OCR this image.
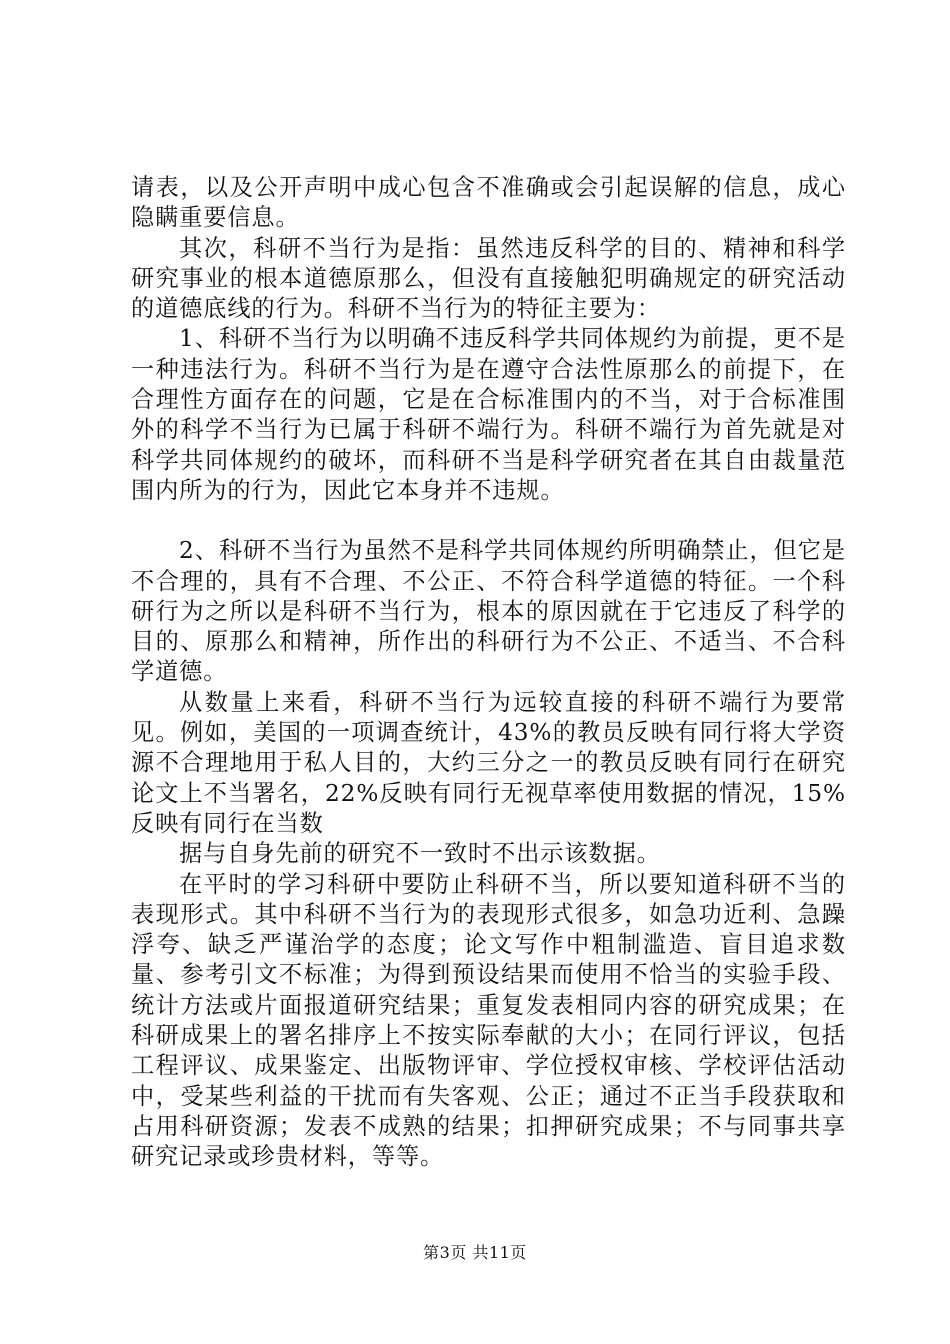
请表，以及公开声明中成心包含不准确或会引起误解的信息，成心隐瞒重要信息。

其次，科研不当行为是指：虽然违反科学的目的、精神和科学研究事业的根本道德原那么，但没有直接触犯明确规定的研究活动的道德底线的行为。科研不当行为的特征主要为：

1、科研不当行为以明确不违反科学共同体规约为前提，更不是一种违法行为。科研不当行为是在遵守合法性原那么的前提下，在合理性方面存在的问题，它是在合标准围内的不当，对于合标准围外的科学不当行为已属于科研不端行为。科研不端行为首先就是对科学共同体规约的破坏，而科研不当是科学研究者在其自由裁量范围内所为的行为，因此它本身并不违规。

2、科研不当行为虽然不是科学共同体规约所明确禁止，但它是不合理的，具有不合理、不公正、不符合科学道德的特征。一个科研行为之所以是科研不当行为，根本的原因就在于它违反了科学的目的、原那么和精神，所作出的科研行为不公正、不适当、不合科学道德。

从数量上来看，科研不当行为远较直接的科研不端行为要常见。例如，美国的一项调查统计，43%的教员反映有同行将大学资源不合理地用于私人目的，大约三分之一的教员反映有同行在研究论文上不当署名，22%反映有同行无视草率使用数据的情况，15%反映有同行在当数

据与自身先前的研究不一致时不出示该数据。

在平时的学习科研中要防止科研不当，所以要知道科研不当的表现形式。其中科研不当行为的表现形式很多，如急功近利、急躁浮夸、缺乏严谨治学的态度；论文写作中粗制滥造、盲目追求数量、参考引文不标准；为得到预设结果而使用不恰当的实验手段、统计方法或片面报道研究结果；重复发表相同内容的研究成果；在科研成果上的署名排序上不按实际奉献的大小；在同行评议，包括工程评议、成果鉴定、出版物评审、学位授权审核、学校评估活动中，受某些利益的干扰而有失客观、公正；通过不正当手段获取和占用科研资源；发表不成熟的结果；扣押研究成果；不与同事共享研究记录或珍贵材料，等等。

第3页 共11页
